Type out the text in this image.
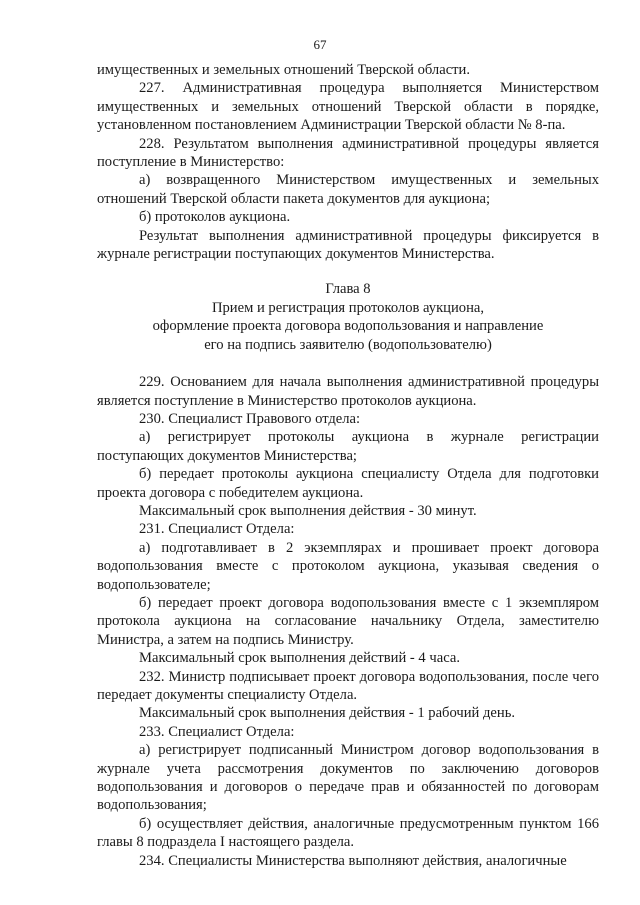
67

имущественных и земельных отношений Тверской области.

227. Административная процедура выполняется Министерством имущественных и земельных отношений Тверской области в порядке, установленном постановлением Администрации Тверской области № 8-па.

228. Результатом выполнения административной процедуры является поступление в Министерство:

а) возвращенного Министерством имущественных и земельных отношений Тверской области пакета документов для аукциона;

б) протоколов аукциона.

Результат выполнения административной процедуры фиксируется в журнале регистрации поступающих документов Министерства.

Глава 8

Прием и регистрация протоколов аукциона,

оформление проекта договора водопользования и направление

его на подпись заявителю (водопользователю)

229. Основанием для начала выполнения административной процедуры является поступление в Министерство протоколов аукциона.

230. Специалист Правового отдела:

а) регистрирует протоколы аукциона в журнале регистрации поступающих документов Министерства;

б) передает протоколы аукциона специалисту Отдела для подготовки проекта договора с победителем аукциона.

Максимальный срок выполнения действия - 30 минут.

231. Специалист Отдела:

а) подготавливает в 2 экземплярах и прошивает проект договора водопользования вместе с протоколом аукциона, указывая сведения о водопользователе;

б) передает проект договора водопользования вместе с 1 экземпляром протокола аукциона на согласование начальнику Отдела, заместителю Министра, а затем на подпись Министру.

Максимальный срок выполнения действий - 4 часа.

232. Министр подписывает проект договора водопользования, после чего передает документы специалисту Отдела.

Максимальный срок выполнения действия - 1 рабочий день.

233. Специалист Отдела:

а) регистрирует подписанный Министром договор водопользования в журнале учета рассмотрения документов по заключению договоров водопользования и договоров о передаче прав и обязанностей по договорам водопользования;

б) осуществляет действия, аналогичные предусмотренным пунктом 166 главы 8 подраздела I настоящего раздела.

234. Специалисты Министерства выполняют действия, аналогичные
